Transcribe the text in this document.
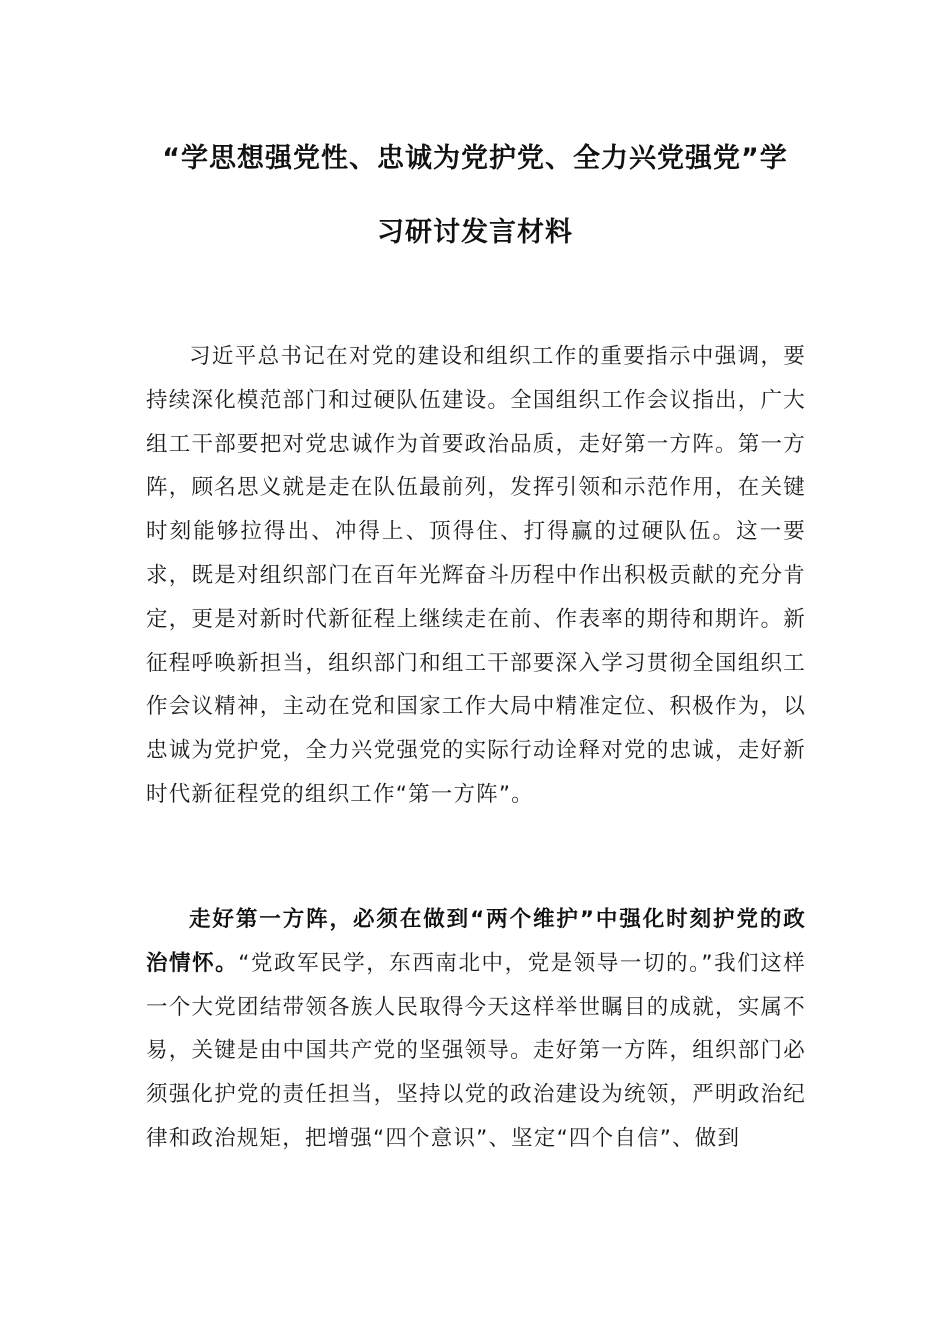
“学思想强党性、忠诚为党护党、全力兴党强党”学
习研讨发言材料

习近平总书记在对党的建设和组织工作的重要指示中强调，要持续深化模范部门和过硬队伍建设。全国组织工作会议指出，广大组工干部要把对党忠诚作为首要政治品质，走好第一方阵。第一方阵，顾名思义就是走在队伍最前列，发挥引领和示范作用，在关键时刻能够拉得出、冲得上、顶得住、打得赢的过硬队伍。这一要求，既是对组织部门在百年光辉奋斗历程中作出积极贡献的充分肯定，更是对新时代新征程上继续走在前、作表率的期待和期许。新征程呼唤新担当，组织部门和组工干部要深入学习贯彻全国组织工作会议精神，主动在党和国家工作大局中精准定位、积极作为，以忠诚为党护党，全力兴党强党的实际行动诠释对党的忠诚，走好新时代新征程党的组织工作“第一方阵”。

走好第一方阵，必须在做到“两个维护”中强化时刻护党的政治情怀。“党政军民学，东西南北中，党是领导一切的。”我们这样一个大党团结带领各族人民取得今天这样举世瞩目的成就，实属不易，关键是由中国共产党的坚强领导。走好第一方阵，组织部门必须强化护党的责任担当，坚持以党的政治建设为统领，严明政治纪律和政治规矩，把增强“四个意识”、坚定“四个自信”、做到
